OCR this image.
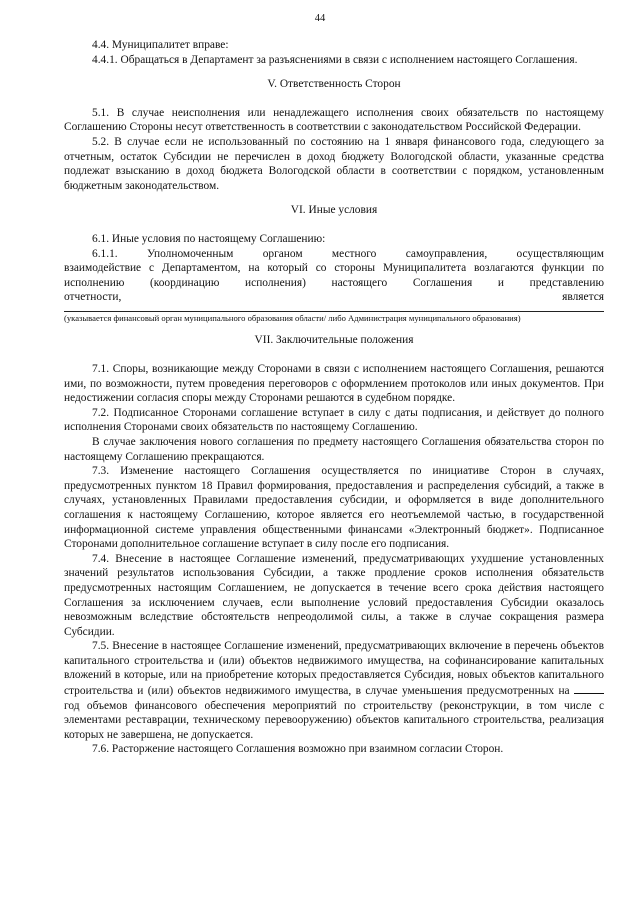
44

4.4. Муниципалитет вправе:

4.4.1. Обращаться в Департамент за разъяснениями в связи с исполнением настоящего Соглашения.

V. Ответственность Сторон

5.1. В случае неисполнения или ненадлежащего исполнения своих обязательств по настоящему Соглашению Стороны несут ответственность в соответствии с законодательством Российской Федерации.

5.2. В случае если не использованный по состоянию на 1 января финансового года, следующего за отчетным, остаток Субсидии не перечислен в доход бюджету Вологодской области, указанные средства подлежат взысканию в доход бюджета Вологодской области в соответствии с порядком, установленным бюджетным законодательством.

VI. Иные условия

6.1. Иные условия по настоящему Соглашению:

6.1.1. Уполномоченным органом местного самоуправления, осуществляющим

взаимодействие с Департаментом, на который со стороны Муниципалитета возлагаются функции по исполнению (координацию исполнения) настоящего Соглашения и представлению

отчетности,	является

(указывается финансовый орган муниципального образования области/ либо Администрация муниципального образования)

VII. Заключительные положения

7.1. Споры, возникающие между Сторонами в связи с исполнением настоящего Соглашения, решаются ими, по возможности, путем проведения переговоров с оформлением протоколов или иных документов. При недостижении согласия споры между Сторонами решаются в судебном порядке.

7.2. Подписанное Сторонами соглашение вступает в силу с даты подписания, и действует до полного исполнения Сторонами своих обязательств по настоящему Соглашению.

В случае заключения нового соглашения по предмету настоящего Соглашения обязательства сторон по настоящему Соглашению прекращаются.

7.3. Изменение настоящего Соглашения осуществляется по инициативе Сторон в случаях, предусмотренных пунктом 18 Правил формирования, предоставления и распределения субсидий, а также в случаях, установленных Правилами предоставления субсидии, и оформляется в виде дополнительного соглашения к настоящему Соглашению, которое является его неотъемлемой частью, в государственной информационной системе управления общественными финансами «Электронный бюджет». Подписанное Сторонами дополнительное соглашение вступает в силу после его подписания.

7.4. Внесение в настоящее Соглашение изменений, предусматривающих ухудшение установленных значений результатов использования Субсидии, а также продление сроков исполнения обязательств предусмотренных настоящим Соглашением, не допускается в течение всего срока действия настоящего Соглашения за исключением случаев, если выполнение условий предоставления Субсидии оказалось невозможным вследствие обстоятельств непреодолимой силы, а также в случае сокращения размера Субсидии.

7.5. Внесение в настоящее Соглашение изменений, предусматривающих включение в перечень объектов капитального строительства и (или) объектов недвижимого имущества, на софинансирование капитальных вложений в которые, или на приобретение которых предоставляется Субсидия, новых объектов капитального строительства и (или) объектов недвижимого имущества, в случае уменьшения предусмотренных на  год объемов финансового обеспечения мероприятий по строительству (реконструкции, в том числе с элементами реставрации, техническому перевооружению) объектов капитального строительства, реализация которых не завершена, не допускается.

7.6. Расторжение настоящего Соглашения возможно при взаимном согласии Сторон.
